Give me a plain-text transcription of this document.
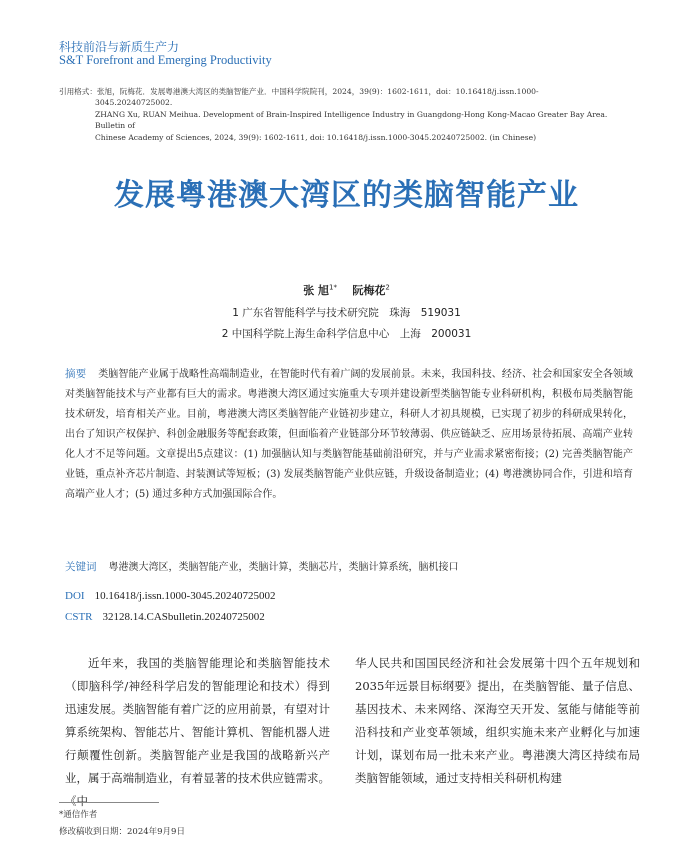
科技前沿与新质生产力
S&T Forefront and Emerging Productivity
引用格式：张旭，阮梅花．发展粤港澳大湾区的类脑智能产业．中国科学院院刊，2024，39(9)：1602-1611，doi：10.16418/j.issn.1000-

3045.20240725002.
ZHANG Xu, RUAN Meihua. Development of Brain-Inspired Intelligence Industry in Guangdong-Hong Kong-Macao Greater Bay Area. Bulletin of
Chinese Academy of Sciences, 2024, 39(9): 1602-1611, doi: 10.16418/j.issn.1000-3045.20240725002. (in Chinese)
发展粤港澳大湾区的类脑智能产业
张 旭$^{1*}$ 阮梅花$^2$
1 广东省智能科学与技术研究院　珠海　519031
2 中国科学院上海生命科学信息中心　上海　200031
摘要 类脑智能产业属于战略性高端制造业，在智能时代有着广阔的发展前景。未来，我国科技、经济、社会和国家安全各领域对类脑智能技术与产业都有巨大的需求。粤港澳大湾区通过实施重大专项并建设新型类脑智能专业科研机构，积极布局类脑智能技术研发，培育相关产业。目前，粤港澳大湾区类脑智能产业链初步建立，科研人才初具规模，已实现了初步的科研成果转化，出台了知识产权保护、科创金融服务等配套政策，但面临着产业链部分环节较薄弱、供应链缺乏、应用场景待拓展、高端产业转化人才不足等问题。文章提出5点建议：(1) 加强脑认知与类脑智能基础前沿研究，并与产业需求紧密衔接；(2) 完善类脑智能产业链，重点补齐芯片制造、封装测试等短板；(3) 发展类脑智能产业供应链，升级设备制造业；(4) 粤港澳协同合作，引进和培育高端产业人才；(5) 通过多种方式加强国际合作。
关键词 粤港澳大湾区，类脑智能产业，类脑计算，类脑芯片，类脑计算系统，脑机接口
DOI 10.16418/j.issn.1000-3045.20240725002
CSTR 32128.14.CASbulletin.20240725002
近年来，我国的类脑智能理论和类脑智能技术（即脑科学/神经科学启发的智能理论和技术）得到迅速发展。类脑智能有着广泛的应用前景，有望对计算系统架构、智能芯片、智能计算机、智能机器人进行颠覆性创新。类脑智能产业是我国的战略新兴产业，属于高端制造业，有着显著的技术供应链需求。《中
华人民共和国国民经济和社会发展第十四个五年规划和2035年远景目标纲要》提出，在类脑智能、量子信息、基因技术、未来网络、深海空天开发、氢能与储能等前沿科技和产业变革领域，组织实施未来产业孵化与加速计划，谋划布局一批未来产业。粤港澳大湾区持续布局类脑智能领域，通过支持相关科研机构建
*通信作者
修改稿收到日期：2024年9月9日
